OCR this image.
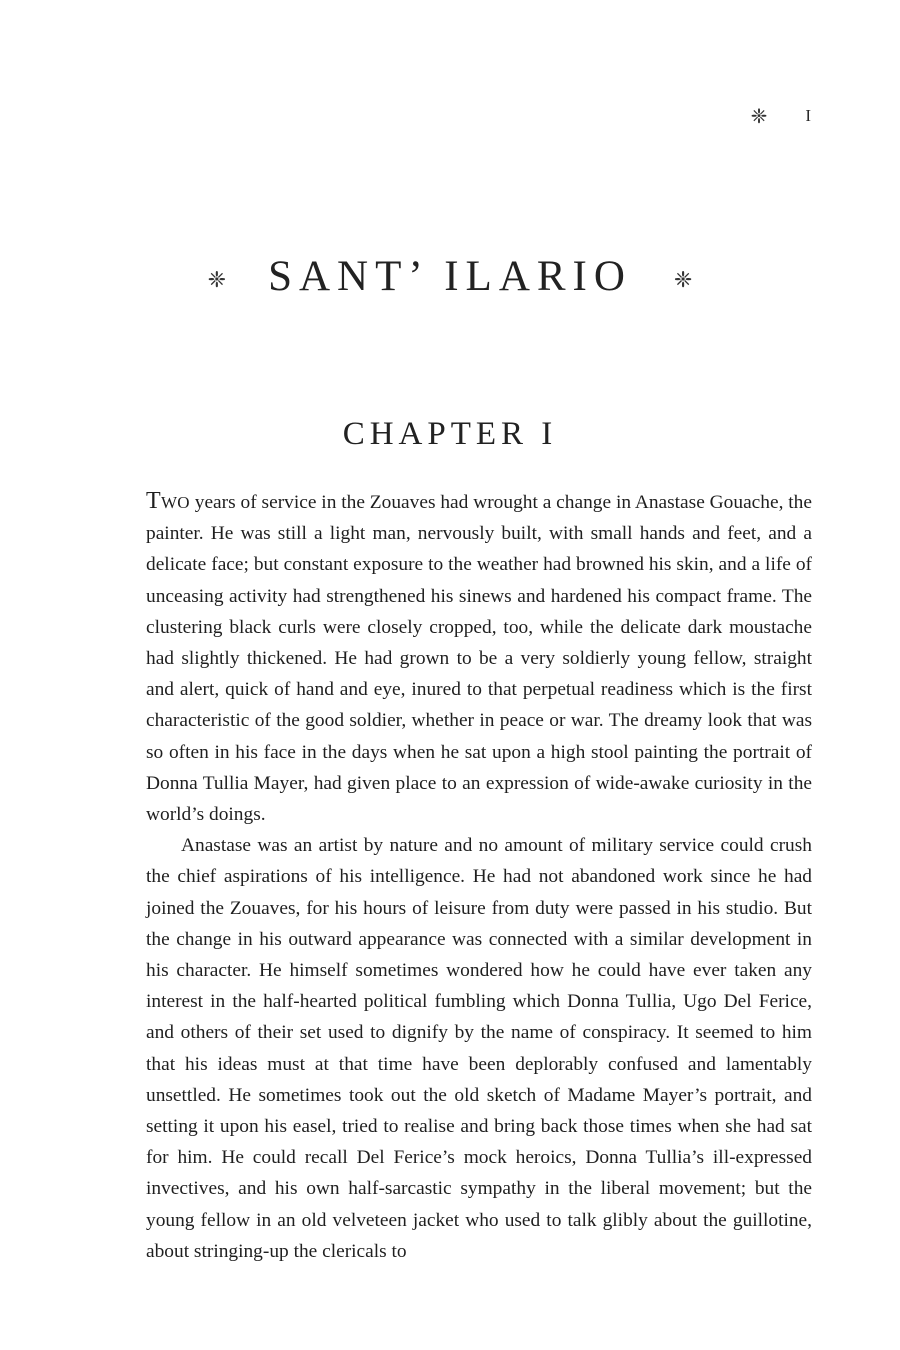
❈ I
❈ SANT’ ILARIO ❈
CHAPTER I

Two years of service in the Zouaves had wrought a change in Anastase Gouache, the painter. He was still a light man, nervously built, with small hands and feet, and a delicate face; but constant exposure to the weather had browned his skin, and a life of unceasing activity had strengthened his sinews and hardened his compact frame. The clustering black curls were closely cropped, too, while the delicate dark moustache had slightly thickened. He had grown to be a very soldierly young fellow, straight and alert, quick of hand and eye, inured to that perpetual readiness which is the first characteristic of the good soldier, whether in peace or war. The dreamy look that was so often in his face in the days when he sat upon a high stool painting the portrait of Donna Tullia Mayer, had given place to an expression of wide-awake curiosity in the world’s doings.

Anastase was an artist by nature and no amount of military service could crush the chief aspirations of his intelligence. He had not abandoned work since he had joined the Zouaves, for his hours of leisure from duty were passed in his studio. But the change in his outward appearance was connected with a similar development in his character. He himself sometimes wondered how he could have ever taken any interest in the half-hearted political fumbling which Donna Tullia, Ugo Del Ferice, and others of their set used to dignify by the name of conspiracy. It seemed to him that his ideas must at that time have been deplorably confused and lamentably unsettled. He sometimes took out the old sketch of Madame Mayer’s portrait, and setting it upon his easel, tried to realise and bring back those times when she had sat for him. He could recall Del Ferice’s mock heroics, Donna Tullia’s ill-expressed invectives, and his own half-sarcastic sympathy in the liberal movement; but the young fellow in an old velveteen jacket who used to talk glibly about the guillotine, about stringing-up the clericals to
